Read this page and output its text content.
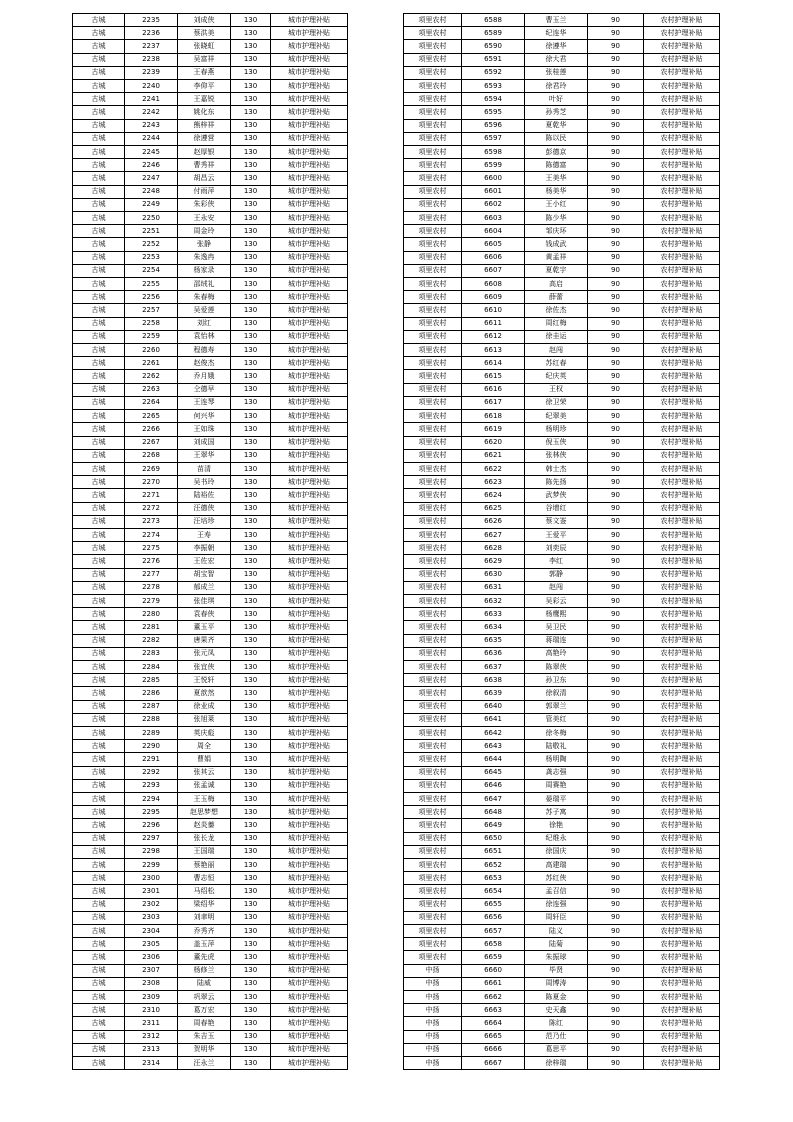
古城	2235	刘成侠	130	城市护理补贴
古城	2236	蔡洪美	130	城市护理补贴
古城	2237	张晓虹	130	城市护理补贴
古城	2238	吴富祥	130	城市护理补贴
古城	2239	王春燕	130	城市护理补贴
古城	2240	李仰平	130	城市护理补贴
古城	2241	王嘉锐	130	城市护理补贴
古城	2242	姚化东	130	城市护理补贴
古城	2243	熊梓祥	130	城市护理补贴
古城	2244	徐遵营	130	城市护理补贴
古城	2245	赵厚银	130	城市护理补贴
古城	2246	曹秀祥	130	城市护理补贴
古城	2247	胡昌云	130	城市护理补贴
古城	2248	付雨萍	130	城市护理补贴
古城	2249	朱彩侠	130	城市护理补贴
古城	2250	王永安	130	城市护理补贴
古城	2251	周金玲	130	城市护理补贴
古城	2252	张静	130	城市护理补贴
古城	2253	朱逸冉	130	城市护理补贴
古城	2254	杨家录	130	城市护理补贴
古城	2255	邵绒礼	130	城市护理补贴
古城	2256	朱春梅	130	城市护理补贴
古城	2257	吴爱莲	130	城市护理补贴
古城	2258	刘红	130	城市护理补贴
古城	2259	袁怡林	130	城市护理补贴
古城	2260	程德寿	130	城市护理补贴
古城	2261	赵俊杰	130	城市护理补贴
古城	2262	乔月娥	130	城市护理补贴
古城	2263	仝德早	130	城市护理补贴
古城	2264	王连琴	130	城市护理补贴
古城	2265	何兴华	130	城市护理补贴
古城	2266	王如珠	130	城市护理补贴
古城	2267	刘成国	130	城市护理补贴
古城	2268	王翠华	130	城市护理补贴
古城	2269	苗清	130	城市护理补贴
古城	2270	吴书玲	130	城市护理补贴
古城	2271	陆裕佐	130	城市护理补贴
古城	2272	汪德侠	130	城市护理补贴
古城	2273	汪培珍	130	城市护理补贴
古城	2274	王寿	130	城市护理补贴
古城	2275	李振朝	130	城市护理补贴
古城	2276	王佐宏	130	城市护理补贴
古城	2277	胡宝智	130	城市护理补贴
古城	2278	郁成兰	130	城市护理补贴
古城	2279	张佳琪	130	城市护理补贴
古城	2280	袁春侠	130	城市护理补贴
古城	2281	董玉平	130	城市护理补贴
古城	2282	唐果齐	130	城市护理补贴
古城	2283	张元凤	130	城市护理补贴
古城	2284	张宜侠	130	城市护理补贴
古城	2285	王悦轩	130	城市护理补贴
古城	2286	夏歆然	130	城市护理补贴
古城	2287	徐业成	130	城市护理补贴
古城	2288	张旭莱	130	城市护理补贴
古城	2289	英庆彪	130	城市护理补贴
古城	2290	周全	130	城市护理补贴
古城	2291	曹娟	130	城市护理补贴
古城	2292	张其云	130	城市护理补贴
古城	2293	张孟诚	130	城市护理补贴
古城	2294	王玉梅	130	城市护理补贴
古城	2295	赵思梦想	130	城市护理补贴
古城	2296	赵炎蓁	130	城市护理补贴
古城	2297	张长龙	130	城市护理补贴
古城	2298	王国瑞	130	城市护理补贴
古城	2299	蔡艳丽	130	城市护理补贴
古城	2300	曹志恒	130	城市护理补贴
古城	2301	马绍松	130	城市护理补贴
古城	2302	梁绍华	130	城市护理补贴
古城	2303	刘聿明	130	城市护理补贴
古城	2304	乔秀齐	130	城市护理补贴
古城	2305	盖玉萍	130	城市护理补贴
古城	2306	董先虎	130	城市护理补贴
古城	2307	杨修兰	130	城市护理补贴
古城	2308	陆威	130	城市护理补贴
古城	2309	巩翠云	130	城市护理补贴
古城	2310	葛万宏	130	城市护理补贴
古城	2311	周春艳	130	城市护理补贴
古城	2312	朱吉玉	130	城市护理补贴
古城	2313	贺明华	130	城市护理补贴
古城	2314	汪永兰	130	城市护理补贴
项里农村	6588	曹玉兰	90	农村护理补贴
项里农村	6589	纪连华	90	农村护理补贴
项里农村	6590	徐遵华	90	农村护理补贴
项里农村	6591	徐大君	90	农村护理补贴
项里农村	6592	张桂莲	90	农村护理补贴
项里农村	6593	徐君玲	90	农村护理补贴
项里农村	6594	叶好	90	农村护理补贴
项里农村	6595	孙秀芝	90	农村护理补贴
项里农村	6596	夏乾华	90	农村护理补贴
项里农村	6597	陈以民	90	农村护理补贴
项里农村	6598	彭德京	90	农村护理补贴
项里农村	6599	陈德富	90	农村护理补贴
项里农村	6600	王美华	90	农村护理补贴
项里农村	6601	杨美华	90	农村护理补贴
项里农村	6602	王小红	90	农村护理补贴
项里农村	6603	陈少华	90	农村护理补贴
项里农村	6604	邹庆环	90	农村护理补贴
项里农村	6605	钱成武	90	农村护理补贴
项里农村	6606	黄孟祥	90	农村护理补贴
项里农村	6607	夏乾宇	90	农村护理补贴
项里农村	6608	高启	90	农村护理补贴
项里农村	6609	薛蕾	90	农村护理补贴
项里农村	6610	徐佐杰	90	农村护理补贴
项里农村	6611	周红梅	90	农村护理补贴
项里农村	6612	徐圭运	90	农村护理补贴
项里农村	6613	赵闯	90	农村护理补贴
项里农村	6614	苏红春	90	农村护理补贴
项里农村	6615	纪庆英	90	农村护理补贴
项里农村	6616	王权	90	农村护理补贴
项里农村	6617	徐卫荣	90	农村护理补贴
项里农村	6618	纪翠美	90	农村护理补贴
项里农村	6619	杨明珍	90	农村护理补贴
项里农村	6620	倪玉侠	90	农村护理补贴
项里农村	6621	张林侠	90	农村护理补贴
项里农村	6622	韩士杰	90	农村护理补贴
项里农村	6623	陈先扬	90	农村护理补贴
项里农村	6624	武梦侠	90	农村护理补贴
项里农村	6625	谷增红	90	农村护理补贴
项里农村	6626	蔡文崟	90	农村护理补贴
项里农村	6627	王爱平	90	农村护理补贴
项里农村	6628	刘奕辰	90	农村护理补贴
项里农村	6629	李红	90	农村护理补贴
项里农村	6630	郭静	90	农村护理补贴
项里农村	6631	赵闯	90	农村护理补贴
项里农村	6632	吴彩云	90	农村护理补贴
项里农村	6633	杨鹰熙	90	农村护理补贴
项里农村	6634	吴卫民	90	农村护理补贴
项里农村	6635	蒋瑞连	90	农村护理补贴
项里农村	6636	高艳玲	90	农村护理补贴
项里农村	6637	陈翠侠	90	农村护理补贴
项里农村	6638	孙卫东	90	农村护理补贴
项里农村	6639	徐叙清	90	农村护理补贴
项里农村	6640	郭翠兰	90	农村护理补贴
项里农村	6641	管美红	90	农村护理补贴
项里农村	6642	徐冬梅	90	农村护理补贴
项里农村	6643	陆敬礼	90	农村护理补贴
项里农村	6644	杨明陶	90	农村护理补贴
项里农村	6645	龚志强	90	农村护理补贴
项里农村	6646	周赛艳	90	农村护理补贴
项里农村	6647	晏瑞平	90	农村护理补贴
项里农村	6648	苏子寓	90	农村护理补贴
项里农村	6649	徐艳	90	农村护理补贴
项里农村	6650	纪维永	90	农村护理补贴
项里农村	6651	徐国庆	90	农村护理补贴
项里农村	6652	高建瑞	90	农村护理补贴
项里农村	6653	苏红侠	90	农村护理补贴
项里农村	6654	孟召信	90	农村护理补贴
项里农村	6655	徐连强	90	农村护理补贴
项里农村	6656	周轩臣	90	农村护理补贴
项里农村	6657	陆义	90	农村护理补贴
项里农村	6658	陆菊	90	农村护理补贴
项里农村	6659	朱振球	90	农村护理补贴
中扬	6660	毕贤	90	农村护理补贴
中扬	6661	周博涛	90	农村护理补贴
中扬	6662	陈夏金	90	农村护理补贴
中扬	6663	史天鑫	90	农村护理补贴
中扬	6664	陈红	90	农村护理补贴
中扬	6665	范乃仕	90	农村护理补贴
中扬	6666	葛思平	90	农村护理补贴
中扬	6667	徐梓瑞	90	农村护理补贴
